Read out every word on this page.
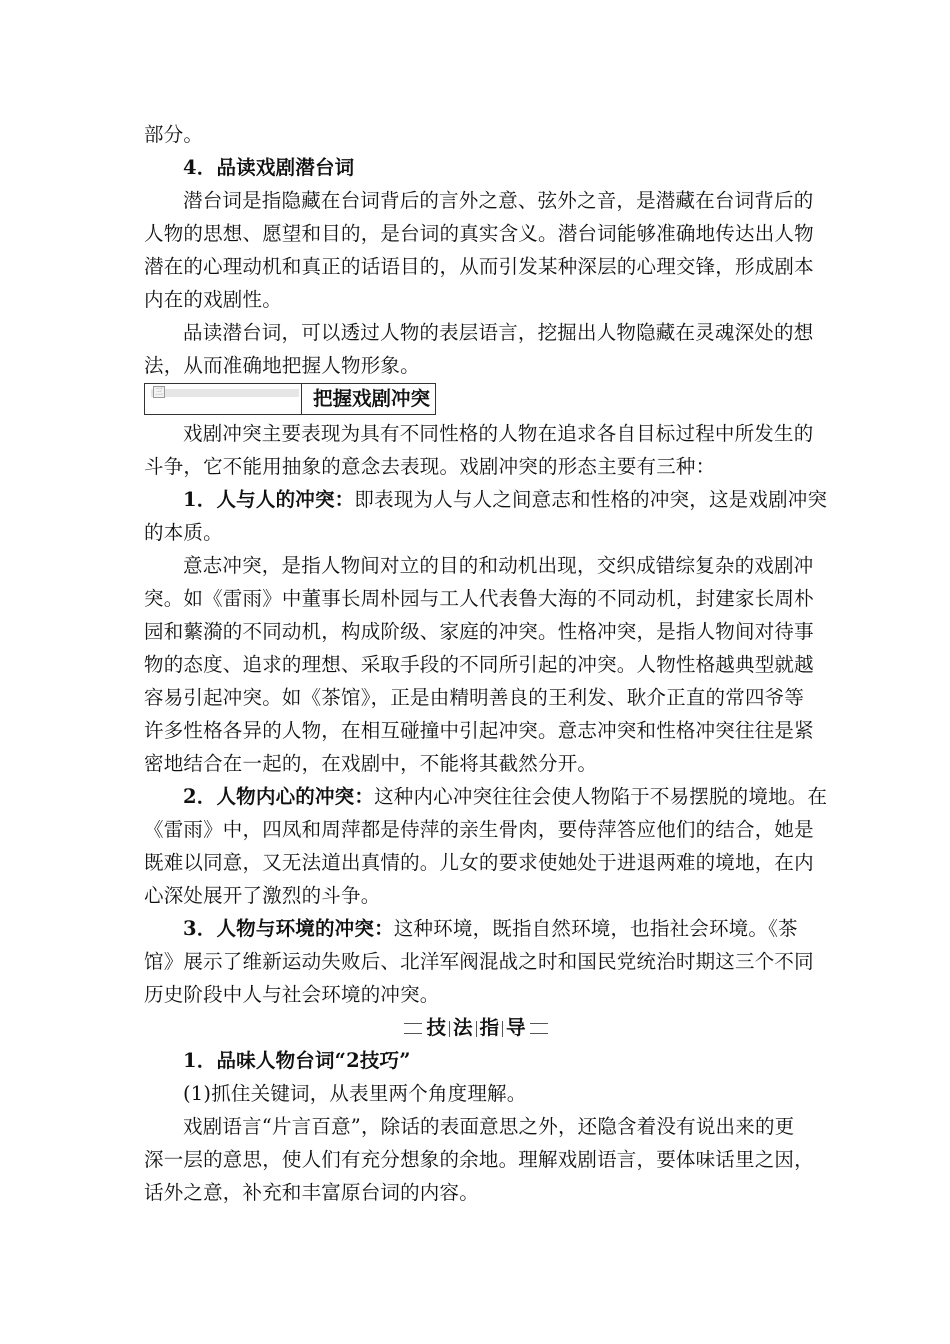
部分。
4．品读戏剧潜台词
潜台词是指隐藏在台词背后的言外之意、弦外之音，是潜藏在台词背后的
人物的思想、愿望和目的，是台词的真实含义。潜台词能够准确地传达出人物
潜在的心理动机和真正的话语目的，从而引发某种深层的心理交锋，形成剧本
内在的戏剧性。
品读潜台词，可以透过人物的表层语言，挖掘出人物隐藏在灵魂深处的想
法，从而准确地把握人物形象。
三	把握戏剧冲突
戏剧冲突主要表现为具有不同性格的人物在追求各自目标过程中所发生的
斗争，它不能用抽象的意念去表现。戏剧冲突的形态主要有三种：
1．人与人的冲突：即表现为人与人之间意志和性格的冲突，这是戏剧冲突
的本质。
意志冲突，是指人物间对立的目的和动机出现，交织成错综复杂的戏剧冲
突。如《雷雨》中董事长周朴园与工人代表鲁大海的不同动机，封建家长周朴
园和蘩漪的不同动机，构成阶级、家庭的冲突。性格冲突，是指人物间对待事
物的态度、追求的理想、采取手段的不同所引起的冲突。人物性格越典型就越
容易引起冲突。如《茶馆》，正是由精明善良的王利发、耿介正直的常四爷等
许多性格各异的人物，在相互碰撞中引起冲突。意志冲突和性格冲突往往是紧
密地结合在一起的，在戏剧中，不能将其截然分开。
2．人物内心的冲突：这种内心冲突往往会使人物陷于不易摆脱的境地。在
《雷雨》中，四凤和周萍都是侍萍的亲生骨肉，要侍萍答应他们的结合，她是
既难以同意，又无法道出真情的。儿女的要求使她处于进退两难的境地，在内
心深处展开了激烈的斗争。
3．人物与环境的冲突：这种环境，既指自然环境，也指社会环境。《茶
馆》展示了维新运动失败后、北洋军阀混战之时和国民党统治时期这三个不同
历史阶段中人与社会环境的冲突。
技 法 指 导
1．品味人物台词“2技巧”
(1)抓住关键词，从表里两个角度理解。
戏剧语言“片言百意”，除话的表面意思之外，还隐含着没有说出来的更
深一层的意思，使人们有充分想象的余地。理解戏剧语言，要体味话里之因，
话外之意，补充和丰富原台词的内容。
